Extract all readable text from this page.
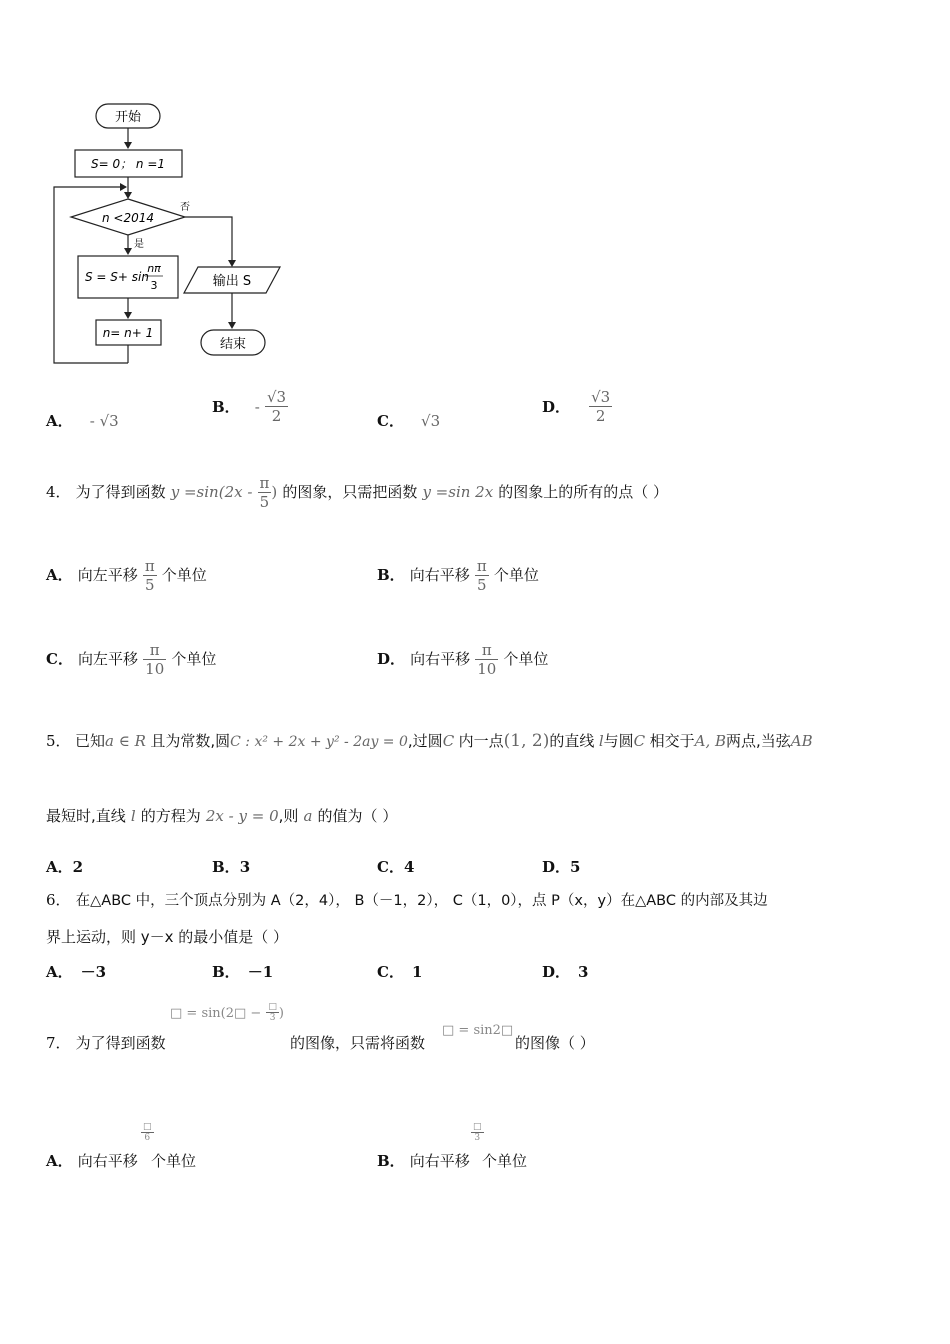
开始
S= 0； n =1
n <2014
否
是
S = S+ sin
nπ
3
n= n+ 1
输出 S
结束
A． - √3
B． - $\frac{√3}{2}$	C． √3
D． $\frac{√3}{2}$
4． 为了得到函数 $y =\sin(2x - \frac{\pi}{5}$ ) 的图象，只需把函数 y =sin 2x 的图象上的所有的点（ ）
A． 向左平移 $\frac{\pi}{5}$ 个单位	B． 向右平移 $\frac{\pi}{5}$ 个单位
C． 向左平移 $\frac{\pi}{10}$ 个单位	D． 向右平移 $\frac{\pi}{10}$ 个单位
5． 已知a ∈ R 且为常数,圆C : x² + 2x + y² - 2ay = 0,过圆C 内一点(1, 2)的直线 l与圆C 相交于A, B两点,当弦AB
最短时,直线 l 的方程为 2x - y = 0,则 a 的值为（ ）
A．2	B．3	C．4	D．5
6． 在△ABC 中，三个顶点分别为 A（2，4）， B（－1，2）， C（1，0），点 P（x，y）在△ABC 的内部及其边
界上运动，则 y－x 的最小值是（ ）
A． －3	B． －1	C． 1	D． 3
7． 为了得到函数
□ = sin(2□ − $\frac{□}{3}$ )
的图像，只需将函数
□ = sin2□
的图像（ ）
A． 向右平移
$\frac{□}{6}$
个单位	B． 向右平移
$\frac{□}{3}$
个单位
